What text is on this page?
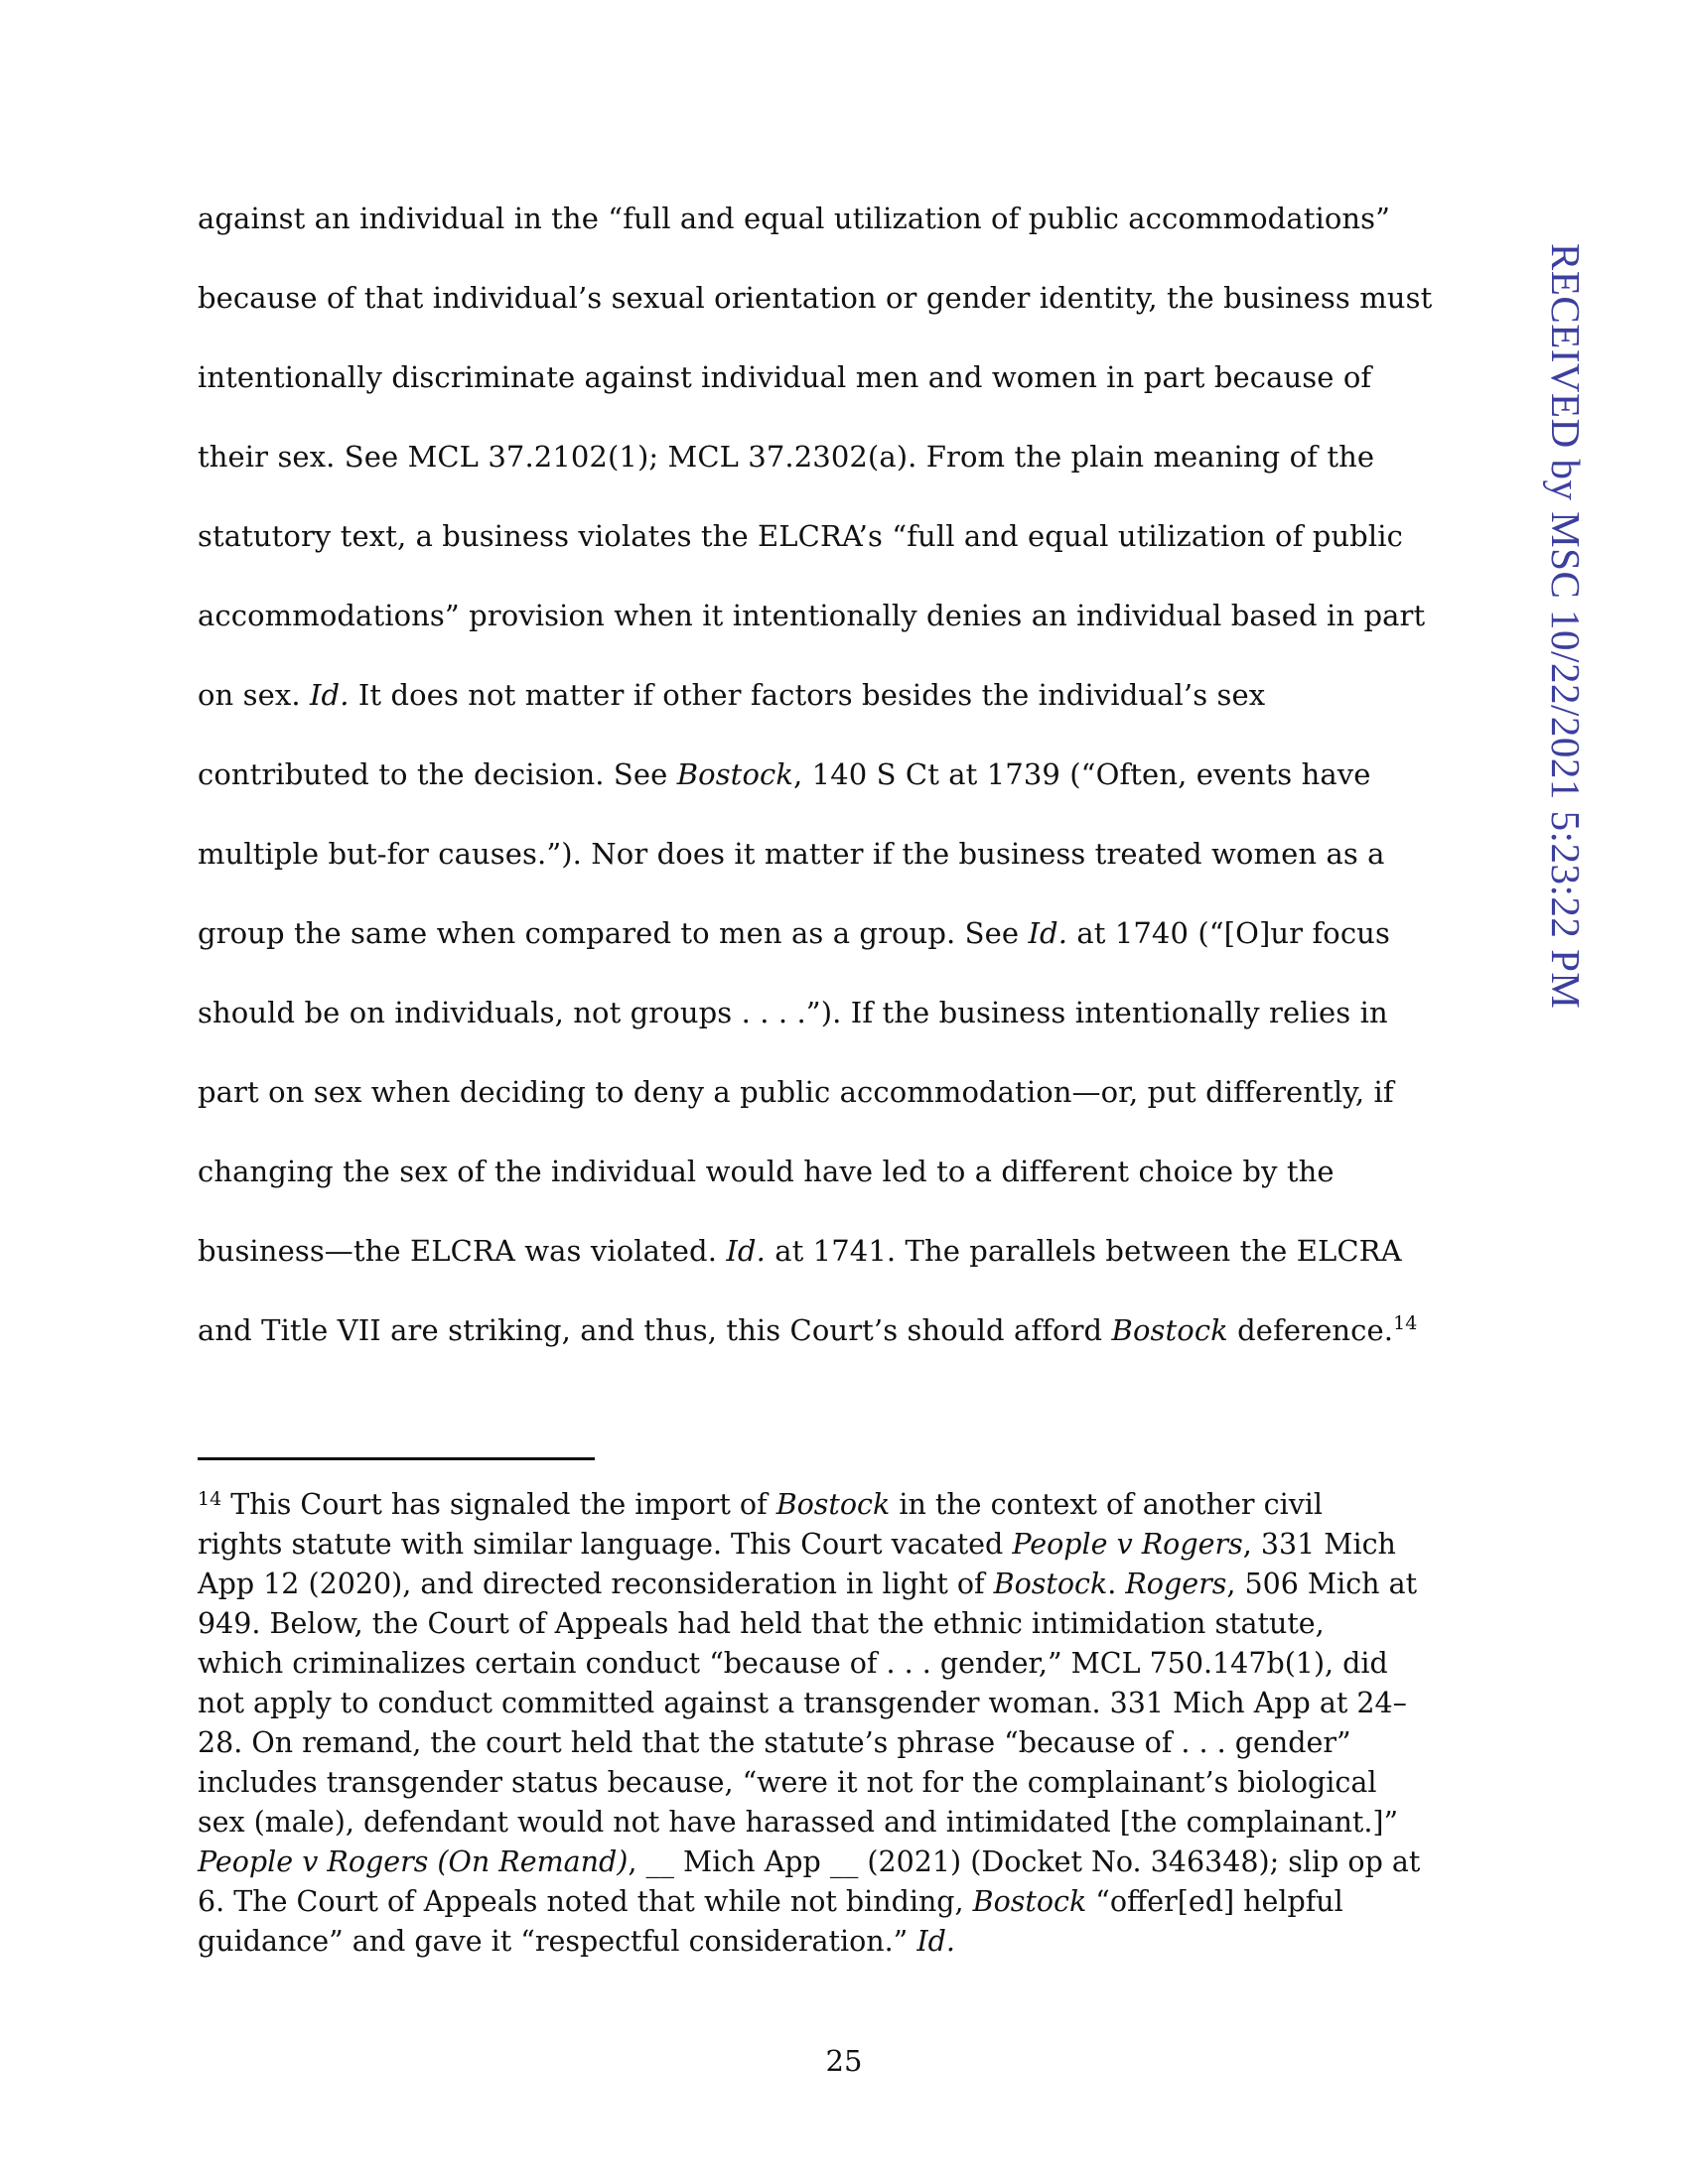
RECEIVED by MSC 10/22/2021 5:23:22 PM
against an individual in the “full and equal utilization of public accommodations”
because of that individual’s sexual orientation or gender identity, the business must
intentionally discriminate against individual men and women in part because of
their sex. See MCL 37.2102(1); MCL 37.2302(a). From the plain meaning of the
statutory text, a business violates the ELCRA’s “full and equal utilization of public
accommodations” provision when it intentionally denies an individual based in part
on sex. Id. It does not matter if other factors besides the individual’s sex
contributed to the decision. See Bostock, 140 S Ct at 1739 (“Often, events have
multiple but-for causes.”). Nor does it matter if the business treated women as a
group the same when compared to men as a group. See Id. at 1740 (“[O]ur focus
should be on individuals, not groups . . . .”). If the business intentionally relies in
part on sex when deciding to deny a public accommodation—or, put differently, if
changing the sex of the individual would have led to a different choice by the
business—the ELCRA was violated. Id. at 1741. The parallels between the ELCRA
and Title VII are striking, and thus, this Court’s should afford Bostock deference.$^{14}$
$^{14}$ This Court has signaled the import of Bostock in the context of another civil
rights statute with similar language. This Court vacated People v Rogers, 331 Mich
App 12 (2020), and directed reconsideration in light of Bostock. Rogers, 506 Mich at
949. Below, the Court of Appeals had held that the ethnic intimidation statute,
which criminalizes certain conduct “because of . . . gender,” MCL 750.147b(1), did
not apply to conduct committed against a transgender woman. 331 Mich App at 24–
28. On remand, the court held that the statute’s phrase “because of . . . gender”
includes transgender status because, “were it not for the complainant’s biological
sex (male), defendant would not have harassed and intimidated [the complainant.]”
People v Rogers (On Remand), __ Mich App __ (2021) (Docket No. 346348); slip op at
6. The Court of Appeals noted that while not binding, Bostock “offer[ed] helpful
guidance” and gave it “respectful consideration.” Id.
25
